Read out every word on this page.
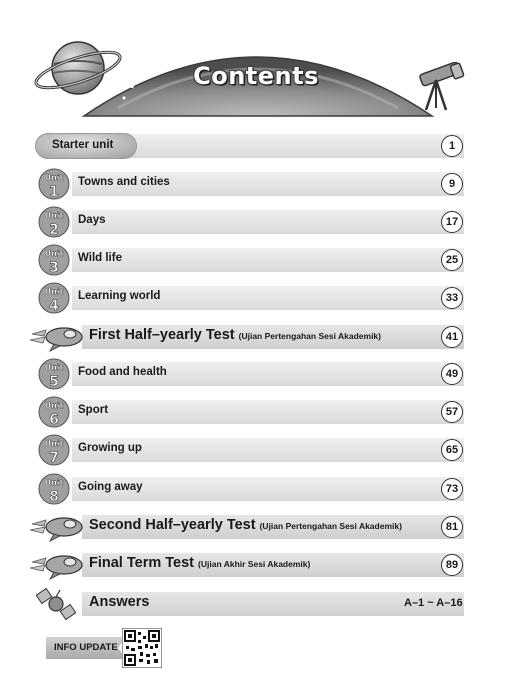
Contents
Starter unit	1
Unit
1
Towns and cities	9
Unit
2
Days	17
Unit
3
Wild life	25
Unit
4
Learning world	33
First Half–yearly Test (Ujian Pertengahan Sesi Akademik)	41
Unit
5
Food and health	49
Unit
6
Sport	57
Unit
7
Growing up	65
Unit
8
Going away	73
Second Half–yearly Test (Ujian Pertengahan Sesi Akademik)	81
Final Term Test (Ujian Akhir Sesi Akademik)	89
Answers	A–1 ~ A–16
INFO UPDATE
